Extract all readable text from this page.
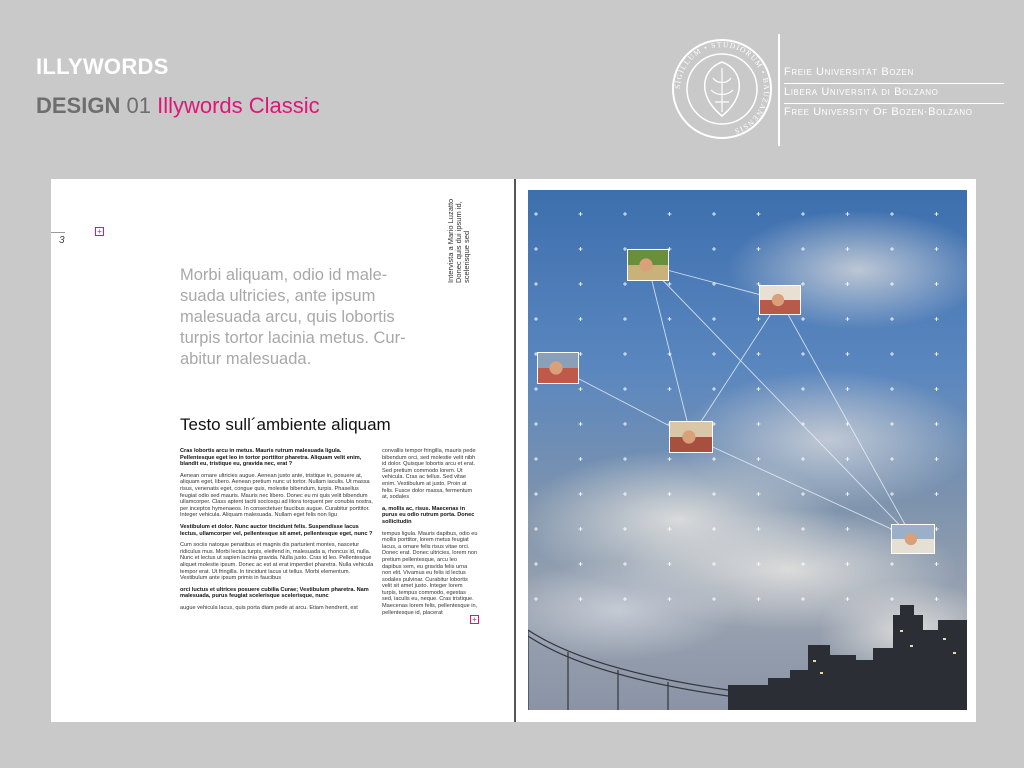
ILLYWORDS
DESIGN 01 Illywords Classic
SIGILLUM • STUDIORUM • BAUZANENSIS
Freie Universität Bozen
Libera Università di Bolzano
Free University Of Bozen·Bolzano
3
+
Morbi aliquam, odio id male-suada ultricies, ante ipsum malesuada arcu, quis lobortis turpis tortor lacinia metus. Cur-abitur malesuada.
Intervista a Mario Luzatto
Donec quis dui ipsum id,
scelerisque sed
Testo sull´ambiente aliquam

Cras lobortis arcu in metus. Mauris rutrum malesuada ligula. Pellentesque eget leo in tortor porttitor pharetra. Aliquam velit enim, blandit eu, tristique eu, gravida nec, erat ?

Aenean ornare ultricies augue. Aenean justo ante, tristique in, posuere at, aliquam eget, libero. Aenean pretium nunc ut tortor. Nullam iaculis. Ut massa risus, venenatis eget, congue quis, molestie bibendum, turpis. Phasellus feugiat odio sed mauris. Mauris nec libero. Donec eu mi quis velit bibendum ullamcorper. Class aptent taciti sociosqu ad litora torquent per conubia nostra, per inceptos hymenaeos. In consectetuer faucibus augue. Curabitur porttitor. Integer vehicula. Aliquam malesuada. Nullam eget felis non ligu

Vestibulum et dolor. Nunc auctor tincidunt felis. Suspendisse lacus lectus, ullamcorper vel, pellentesque sit amet, pellentesque eget, nunc ?

Cum sociis natoque penatibus et magnis dis parturient montes, nascetur ridiculus mus. Morbi lectus turpis, eleifend in, malesuada a, rhoncus id, nulla. Nunc et lectus ut sapien lacinia gravida. Nulla justo. Cras id leo. Pellentesque aliquet molestie ipsum. Donec ac est at erat imperdiet pharetra. Nulla vehicula tempor erat. Ut fringilla. In tincidunt lacus ut tellus. Morbi elementum. Vestibulum ante ipsum primis in faucibus

orci luctus et ultrices posuere cubilia Curae; Vestibulum pharetra. Nam malesuada, purus feugiat scelerisque scelerisque, nunc

augue vehicula lacus, quis porta diam pede at arcu. Etiam hendrerit, est

convallis tempor fringilla, mauris pede bibendum orci, sed molestie velit nibh id dolor. Quisque lobortis arcu et erat. Sed pretium commodo lorem. Ut vehicula. Cras ac tellus. Sed vitae enim. Vestibulum at justo. Proin at felis. Fusce dolor massa, fermentum at, sodales

a, mollis ac, risus. Maecenas in purus eu odio rutrum porta. Donec sollicitudin

tempus ligula. Mauris dapibus, odio eu mollis porttitor, lorem metus feugiat lacus, a ornare felis risus vitae orci. Donec erat. Donec ultricies, lorem non pretium pellentesque, arcu leo dapibus sem, eu gravida felis urna non elit. Vivamus eu felis id lectus sodales pulvinar. Curabitur lobortis velit sit amet justo. Integer lorem turpis, tempus commodo, egestas sed, iaculis eu, neque. Cras tristique. Maecenas lorem felis, pellentesque in, pellentesque id, placerat

+
